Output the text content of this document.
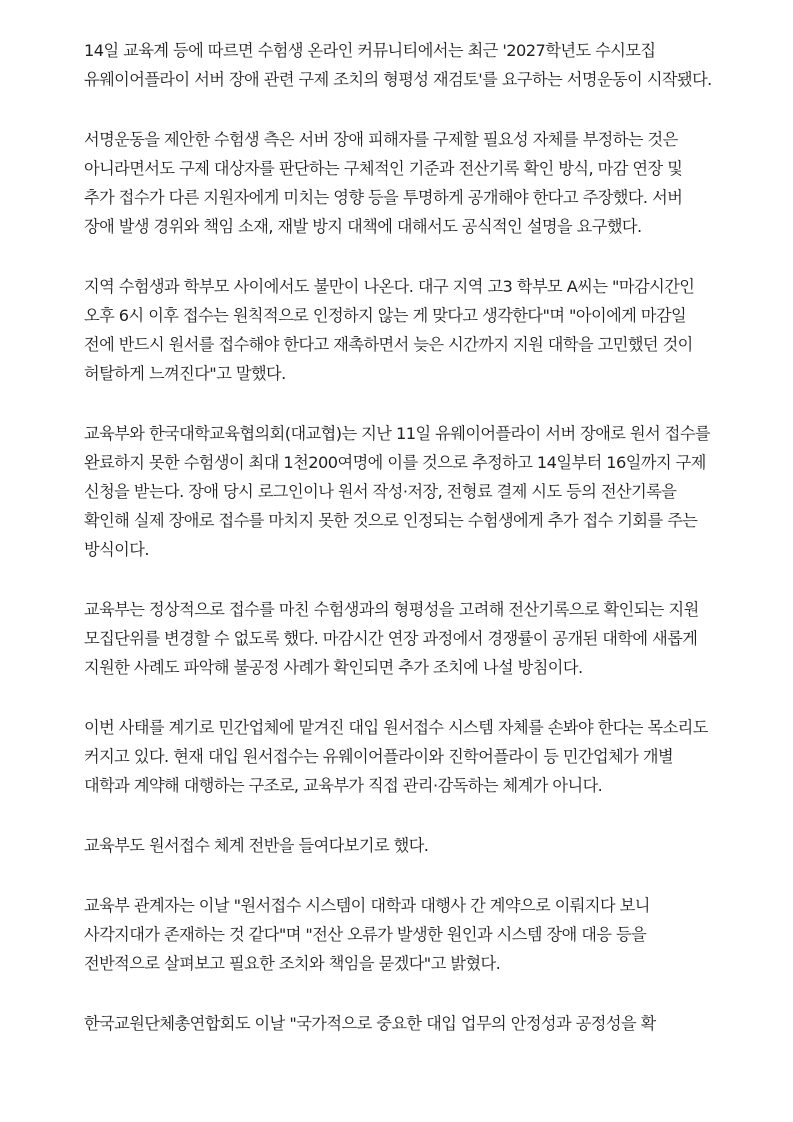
14일 교육계 등에 따르면 수험생 온라인 커뮤니티에서는 최근 '2027학년도 수시모집 유웨이어플라이 서버 장애 관련 구제 조치의 형평성 재검토'를 요구하는 서명운동이 시작됐다.

서명운동을 제안한 수험생 측은 서버 장애 피해자를 구제할 필요성 자체를 부정하는 것은 아니라면서도 구제 대상자를 판단하는 구체적인 기준과 전산기록 확인 방식, 마감 연장 및 추가 접수가 다른 지원자에게 미치는 영향 등을 투명하게 공개해야 한다고 주장했다. 서버 장애 발생 경위와 책임 소재, 재발 방지 대책에 대해서도 공식적인 설명을 요구했다.

지역 수험생과 학부모 사이에서도 불만이 나온다. 대구 지역 고3 학부모 A씨는 "마감시간인 오후 6시 이후 접수는 원칙적으로 인정하지 않는 게 맞다고 생각한다"며 "아이에게 마감일 전에 반드시 원서를 접수해야 한다고 재촉하면서 늦은 시간까지 지원 대학을 고민했던 것이 허탈하게 느껴진다"고 말했다.

교육부와 한국대학교육협의회(대교협)는 지난 11일 유웨이어플라이 서버 장애로 원서 접수를 완료하지 못한 수험생이 최대 1천200여명에 이를 것으로 추정하고 14일부터 16일까지 구제 신청을 받는다. 장애 당시 로그인이나 원서 작성·저장, 전형료 결제 시도 등의 전산기록을 확인해 실제 장애로 접수를 마치지 못한 것으로 인정되는 수험생에게 추가 접수 기회를 주는 방식이다.

교육부는 정상적으로 접수를 마친 수험생과의 형평성을 고려해 전산기록으로 확인되는 지원 모집단위를 변경할 수 없도록 했다. 마감시간 연장 과정에서 경쟁률이 공개된 대학에 새롭게 지원한 사례도 파악해 불공정 사례가 확인되면 추가 조치에 나설 방침이다.

이번 사태를 계기로 민간업체에 맡겨진 대입 원서접수 시스템 자체를 손봐야 한다는 목소리도 커지고 있다. 현재 대입 원서접수는 유웨이어플라이와 진학어플라이 등 민간업체가 개별 대학과 계약해 대행하는 구조로, 교육부가 직접 관리·감독하는 체계가 아니다.

교육부도 원서접수 체계 전반을 들여다보기로 했다.

교육부 관계자는 이날 "원서접수 시스템이 대학과 대행사 간 계약으로 이뤄지다 보니 사각지대가 존재하는 것 같다"며 "전산 오류가 발생한 원인과 시스템 장애 대응 등을 전반적으로 살펴보고 필요한 조치와 책임을 묻겠다"고 밝혔다.

한국교원단체총연합회도 이날 "국가적으로 중요한 대입 업무의 안정성과 공정성을 확
